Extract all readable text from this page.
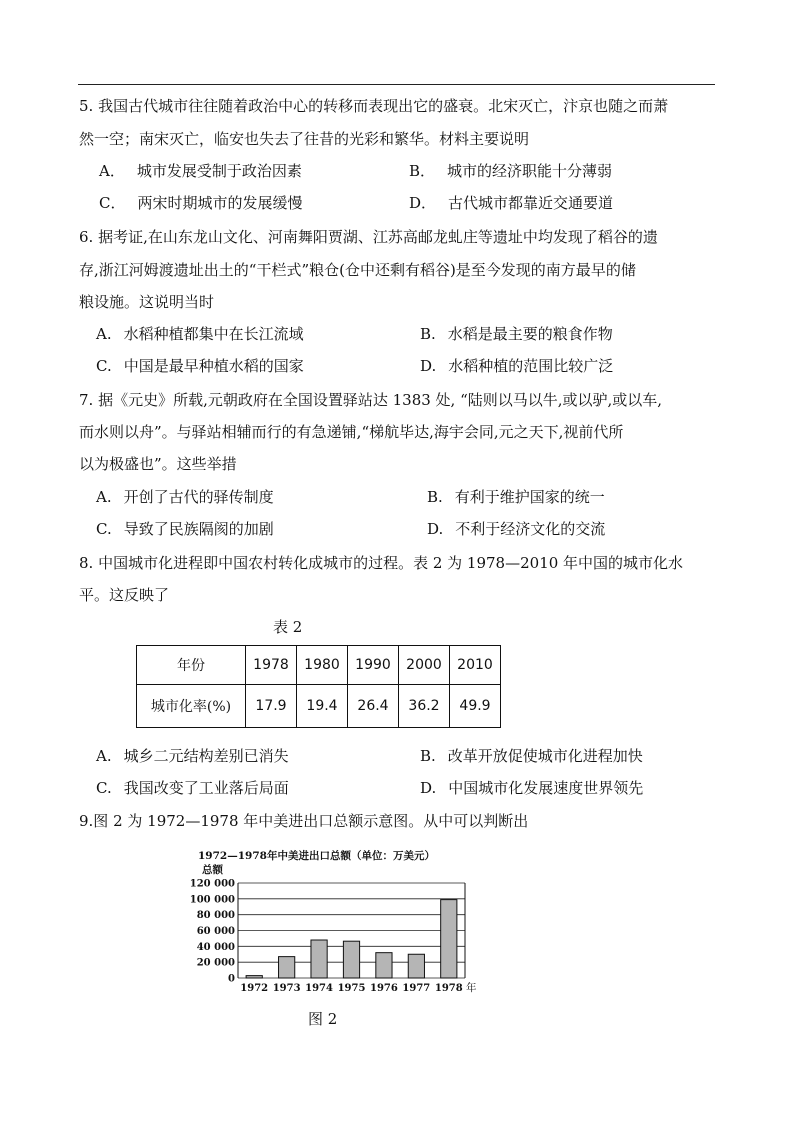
5. 我国古代城市往往随着政治中心的转移而表现出它的盛衰。北宋灭亡，汴京也随之而萧
然一空；南宋灭亡，临安也失去了往昔的光彩和繁华。材料主要说明
A． 城市发展受制于政治因素	B． 城市的经济职能十分薄弱
C． 两宋时期城市的发展缓慢	D． 古代城市都靠近交通要道
6. 据考证,在山东龙山文化、河南舞阳贾湖、江苏高邮龙虬庄等遗址中均发现了稻谷的遗
存,浙江河姆渡遗址出土的“干栏式”粮仓(仓中还剩有稻谷)是至今发现的南方最早的储
粮设施。这说明当时
A. 水稻种植都集中在长江流域	B. 水稻是最主要的粮食作物
C. 中国是最早种植水稻的国家	D. 水稻种植的范围比较广泛
7. 据《元史》所载,元朝政府在全国设置驿站达 1383 处, “陆则以马以牛,或以驴,或以车,
而水则以舟”。与驿站相辅而行的有急递铺,“梯航毕达,海宇会同,元之天下,视前代所
以为极盛也”。这些举措
A. 开创了古代的驿传制度	B. 有利于维护国家的统一
C. 导致了民族隔阂的加剧	D. 不利于经济文化的交流
8. 中国城市化进程即中国农村转化成城市的过程。表 2 为 1978—2010 年中国的城市化水
平。这反映了
表 2
年份	1978	1980	1990	2000	2010
城市化率(%)	17.9	19.4	26.4	36.2	49.9
A. 城乡二元结构差别已消失	B. 改革开放促使城市化进程加快
C. 我国改变了工业落后局面	D. 中国城市化发展速度世界领先
9.图 2 为 1972—1978 年中美进出口总额示意图。从中可以判断出
1972—1978年中美进出口总额（单位：万美元）
总额
0
20 000
40 000
60 000
80 000
100 000
120 000
1972 1973 1974 1975 1976 1977 1978 年
图 2
